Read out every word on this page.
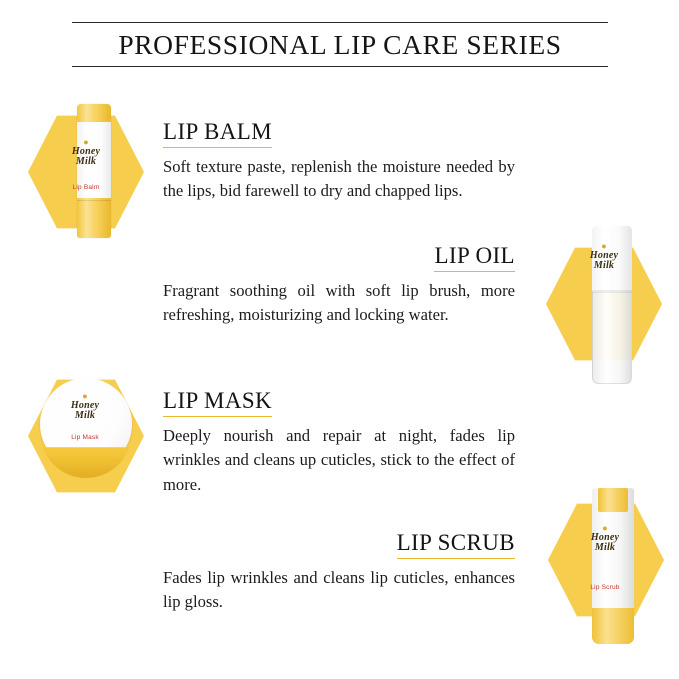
PROFESSIONAL LIP CARE SERIES
●
Honey
Milk
Lip Balm
●
Honey
Milk
●
Honey
Milk
Lip Mask
●
Honey
Milk
Lip Scrub
LIP BALM
Soft texture paste, replenish the moisture needed by the lips, bid farewell to dry and chapped lips.
LIP OIL
Fragrant soothing oil with soft lip brush, more refreshing, moisturizing and locking water.
LIP MASK
Deeply nourish and repair at night, fades lip wrinkles and cleans up cuticles, stick to the effect of more.
LIP SCRUB
Fades lip wrinkles and cleans lip cuticles, enhances lip gloss.
